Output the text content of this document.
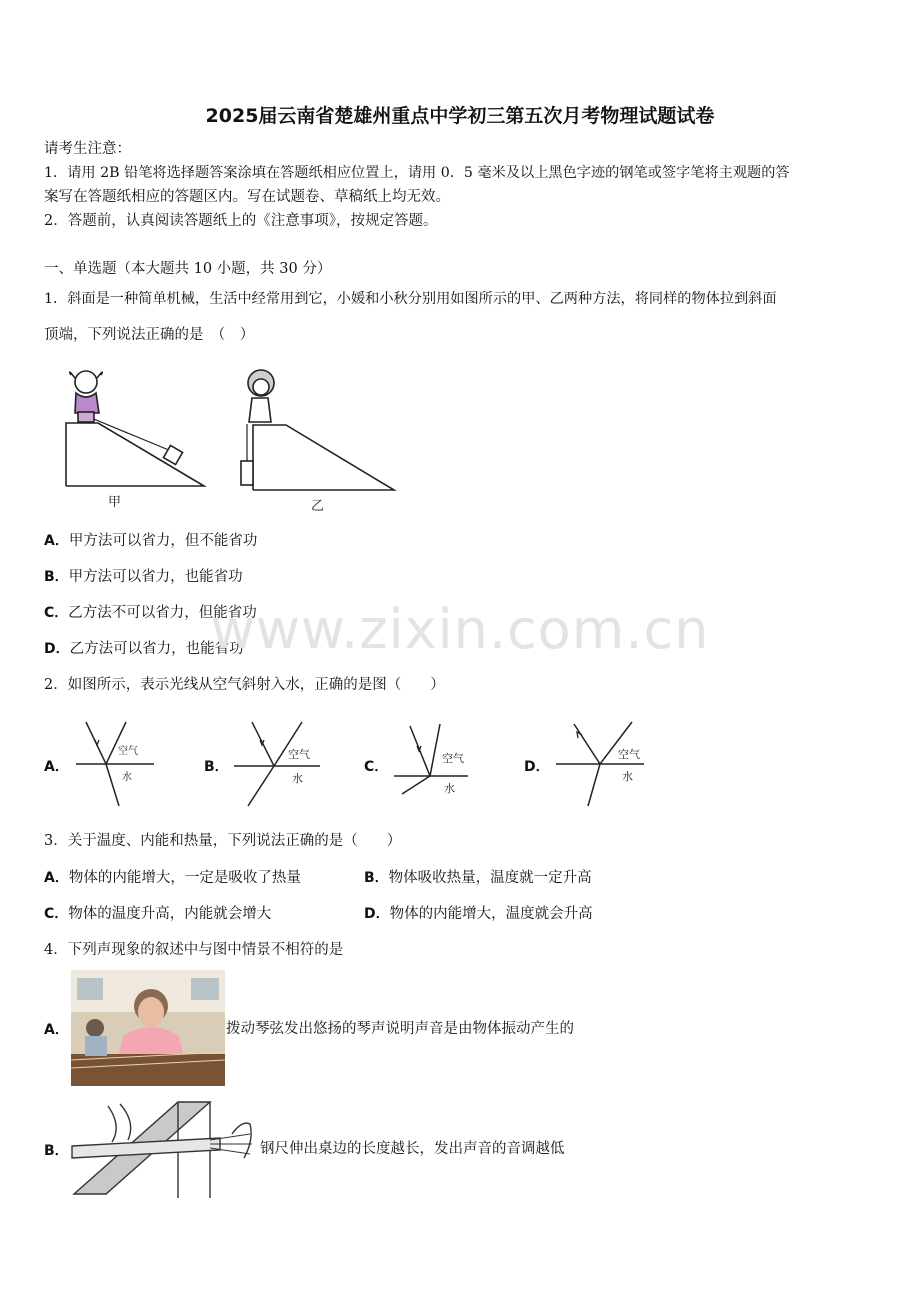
2025届云南省楚雄州重点中学初三第五次月考物理试题试卷
请考生注意：
1．请用 2B 铅笔将选择题答案涂填在答题纸相应位置上，请用 0．5 毫米及以上黑色字迹的钢笔或签字笔将主观题的答
案写在答题纸相应的答题区内。写在试题卷、草稿纸上均无效。
2．答题前，认真阅读答题纸上的《注意事项》，按规定答题。
一、单选题（本大题共 10 小题，共 30 分）
1．斜面是一种简单机械，生活中经常用到它，小媛和小秋分别用如图所示的甲、乙两种方法，将同样的物体拉到斜面
顶端，下列说法正确的是　（　）
甲	乙
A．甲方法可以省力，但不能省功
B．甲方法可以省力，也能省功
C．乙方法不可以省力，但能省功
D．乙方法可以省力，也能省功
www.zixin.com.cn
2．如图所示，表示光线从空气斜射入水，正确的是图（　　）
A．
空气
水
B．
空气
水
C．
空气
水
D．
空气
水
3．关于温度、内能和热量，下列说法正确的是（　　）
A．物体的内能增大，一定是吸收了热量	B．物体吸收热量，温度就一定升高
C．物体的温度升高，内能就会增大	D．物体的内能增大，温度就会升高
4．下列声现象的叙述中与图中情景不相符的是
A．	拨动琴弦发出悠扬的琴声说明声音是由物体振动产生的
B．	钢尺伸出桌边的长度越长，发出声音的音调越低
